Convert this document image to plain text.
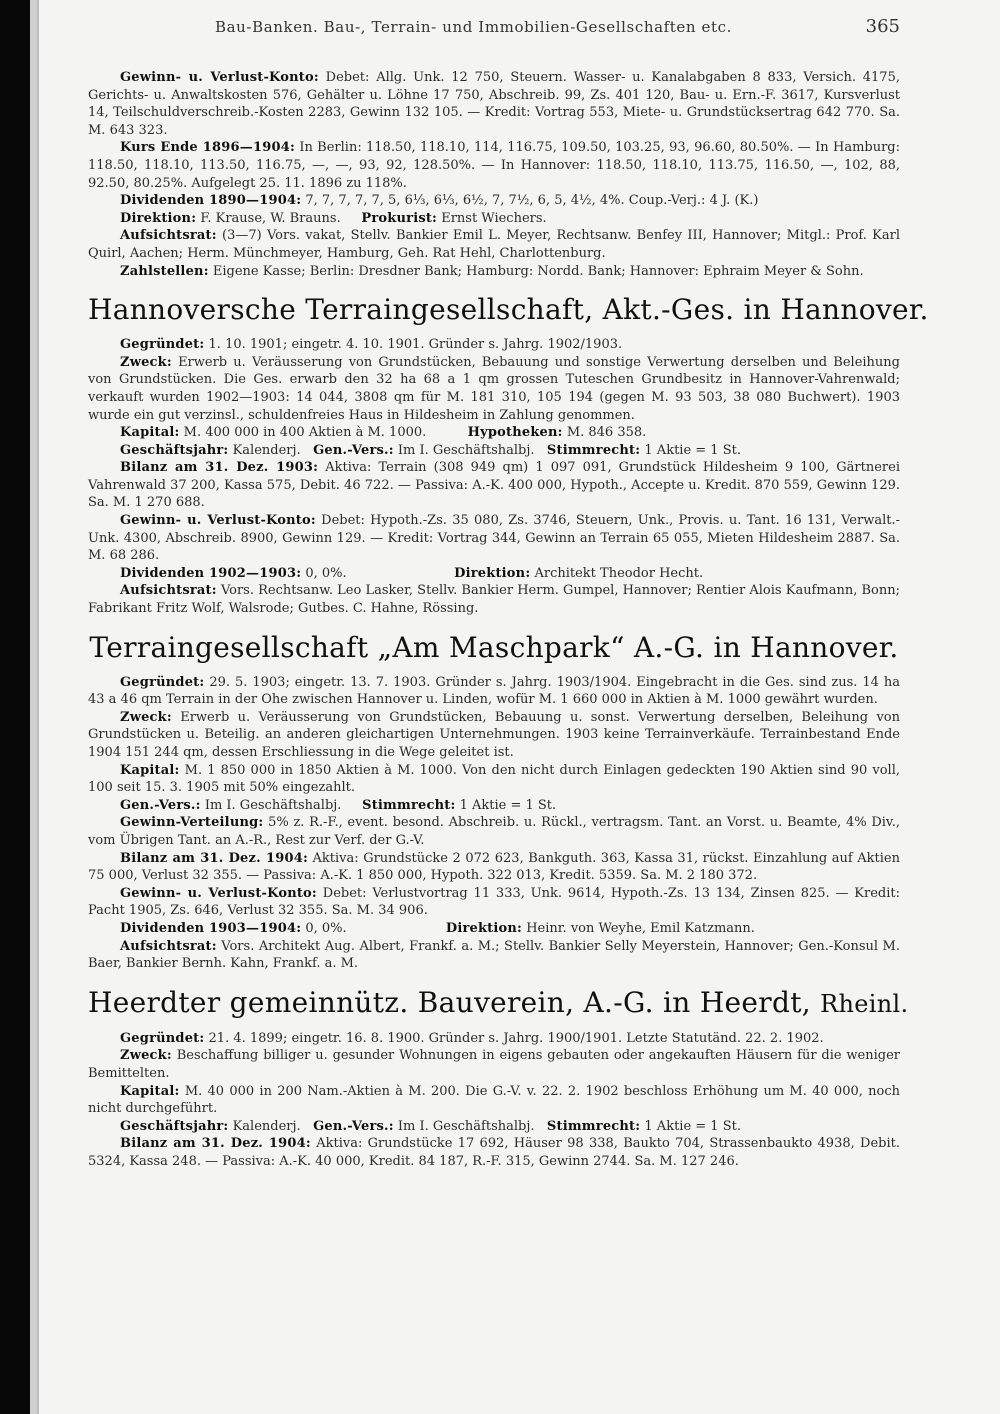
Bau-Banken. Bau-, Terrain- und Immobilien-Gesellschaften etc.	365

Gewinn- u. Verlust-Konto: Debet: Allg. Unk. 12 750, Steuern. Wasser- u. Kanalabgaben 8 833, Versich. 4175, Gerichts- u. Anwaltskosten 576, Gehälter u. Löhne 17 750, Abschreib. 99, Zs. 401 120, Bau- u. Ern.-F. 3617, Kursverlust 14, Teilschuldverschreib.-Kosten 2283, Gewinn 132 105. — Kredit: Vortrag 553, Miete- u. Grundstücksertrag 642 770. Sa. M. 643 323.

Kurs Ende 1896—1904: In Berlin: 118.50, 118.10, 114, 116.75, 109.50, 103.25, 93, 96.60, 80.50%. — In Hamburg: 118.50, 118.10, 113.50, 116.75, —, —, 93, 92, 128.50%. — In Hannover: 118.50, 118.10, 113.75, 116.50, —, 102, 88, 92.50, 80.25%. Aufgelegt 25. 11. 1896 zu 118%.

Dividenden 1890—1904: 7, 7, 7, 7, 7, 5, 6⅓, 6⅓, 6½, 7, 7½, 6, 5, 4½, 4%. Coup.-Verj.: 4 J. (K.)

Direktion: F. Krause, W. Brauns. Prokurist: Ernst Wiechers.

Aufsichtsrat: (3—7) Vors. vakat, Stellv. Bankier Emil L. Meyer, Rechtsanw. Benfey III, Hannover; Mitgl.: Prof. Karl Quirl, Aachen; Herm. Münchmeyer, Hamburg, Geh. Rat Hehl, Charlottenburg.

Zahlstellen: Eigene Kasse; Berlin: Dresdner Bank; Hamburg: Nordd. Bank; Hannover: Ephraim Meyer & Sohn.

Hannoversche Terraingesellschaft, Akt.-Ges. in Hannover.

Gegründet: 1. 10. 1901; eingetr. 4. 10. 1901. Gründer s. Jahrg. 1902/1903.

Zweck: Erwerb u. Veräusserung von Grundstücken, Bebauung und sonstige Verwertung derselben und Beleihung von Grundstücken. Die Ges. erwarb den 32 ha 68 a 1 qm grossen Tuteschen Grundbesitz in Hannover-Vahrenwald; verkauft wurden 1902—1903: 14 044, 3808 qm für M. 181 310, 105 194 (gegen M. 93 503, 38 080 Buchwert). 1903 wurde ein gut verzinsl., schuldenfreies Haus in Hildesheim in Zahlung genommen.

Kapital: M. 400 000 in 400 Aktien à M. 1000.	Hypotheken: M. 846 358.

Geschäftsjahr: Kalenderj. Gen.-Vers.: Im I. Geschäftshalbj. Stimmrecht: 1 Aktie = 1 St.

Bilanz am 31. Dez. 1903: Aktiva: Terrain (308 949 qm) 1 097 091, Grundstück Hildesheim 9 100, Gärtnerei Vahrenwald 37 200, Kassa 575, Debit. 46 722. — Passiva: A.-K. 400 000, Hypoth., Accepte u. Kredit. 870 559, Gewinn 129. Sa. M. 1 270 688.

Gewinn- u. Verlust-Konto: Debet: Hypoth.-Zs. 35 080, Zs. 3746, Steuern, Unk., Provis. u. Tant. 16 131, Verwalt.-Unk. 4300, Abschreib. 8900, Gewinn 129. — Kredit: Vortrag 344, Gewinn an Terrain 65 055, Mieten Hildesheim 2887. Sa. M. 68 286.

Dividenden 1902—1903: 0, 0%.	Direktion: Architekt Theodor Hecht.

Aufsichtsrat: Vors. Rechtsanw. Leo Lasker, Stellv. Bankier Herm. Gumpel, Hannover; Rentier Alois Kaufmann, Bonn; Fabrikant Fritz Wolf, Walsrode; Gutbes. C. Hahne, Rössing.

Terraingesellschaft „Am Maschpark“ A.-G. in Hannover.

Gegründet: 29. 5. 1903; eingetr. 13. 7. 1903. Gründer s. Jahrg. 1903/1904. Eingebracht in die Ges. sind zus. 14 ha 43 a 46 qm Terrain in der Ohe zwischen Hannover u. Linden, wofür M. 1 660 000 in Aktien à M. 1000 gewährt wurden.

Zweck: Erwerb u. Veräusserung von Grundstücken, Bebauung u. sonst. Verwertung derselben, Beleihung von Grundstücken u. Beteilig. an anderen gleichartigen Unternehmungen. 1903 keine Terrainverkäufe. Terrainbestand Ende 1904 151 244 qm, dessen Erschliessung in die Wege geleitet ist.

Kapital: M. 1 850 000 in 1850 Aktien à M. 1000. Von den nicht durch Einlagen gedeckten 190 Aktien sind 90 voll, 100 seit 15. 3. 1905 mit 50% eingezahlt.

Gen.-Vers.: Im I. Geschäftshalbj. Stimmrecht: 1 Aktie = 1 St.

Gewinn-Verteilung: 5% z. R.-F., event. besond. Abschreib. u. Rückl., vertragsm. Tant. an Vorst. u. Beamte, 4% Div., vom Übrigen Tant. an A.-R., Rest zur Verf. der G.-V.

Bilanz am 31. Dez. 1904: Aktiva: Grundstücke 2 072 623, Bankguth. 363, Kassa 31, rückst. Einzahlung auf Aktien 75 000, Verlust 32 355. — Passiva: A.-K. 1 850 000, Hypoth. 322 013, Kredit. 5359. Sa. M. 2 180 372.

Gewinn- u. Verlust-Konto: Debet: Verlustvortrag 11 333, Unk. 9614, Hypoth.-Zs. 13 134, Zinsen 825. — Kredit: Pacht 1905, Zs. 646, Verlust 32 355. Sa. M. 34 906.

Dividenden 1903—1904: 0, 0%.	Direktion: Heinr. von Weyhe, Emil Katzmann.

Aufsichtsrat: Vors. Architekt Aug. Albert, Frankf. a. M.; Stellv. Bankier Selly Meyerstein, Hannover; Gen.-Konsul M. Baer, Bankier Bernh. Kahn, Frankf. a. M.

Heerdter gemeinnütz. Bauverein, A.-G. in Heerdt, Rheinl.

Gegründet: 21. 4. 1899; eingetr. 16. 8. 1900. Gründer s. Jahrg. 1900/1901. Letzte Statutänd. 22. 2. 1902.

Zweck: Beschaffung billiger u. gesunder Wohnungen in eigens gebauten oder angekauften Häusern für die weniger Bemittelten.

Kapital: M. 40 000 in 200 Nam.-Aktien à M. 200. Die G.-V. v. 22. 2. 1902 beschloss Erhöhung um M. 40 000, noch nicht durchgeführt.

Geschäftsjahr: Kalenderj. Gen.-Vers.: Im I. Geschäftshalbj. Stimmrecht: 1 Aktie = 1 St.

Bilanz am 31. Dez. 1904: Aktiva: Grundstücke 17 692, Häuser 98 338, Baukto 704, Strassenbaukto 4938, Debit. 5324, Kassa 248. — Passiva: A.-K. 40 000, Kredit. 84 187, R.-F. 315, Gewinn 2744. Sa. M. 127 246.
